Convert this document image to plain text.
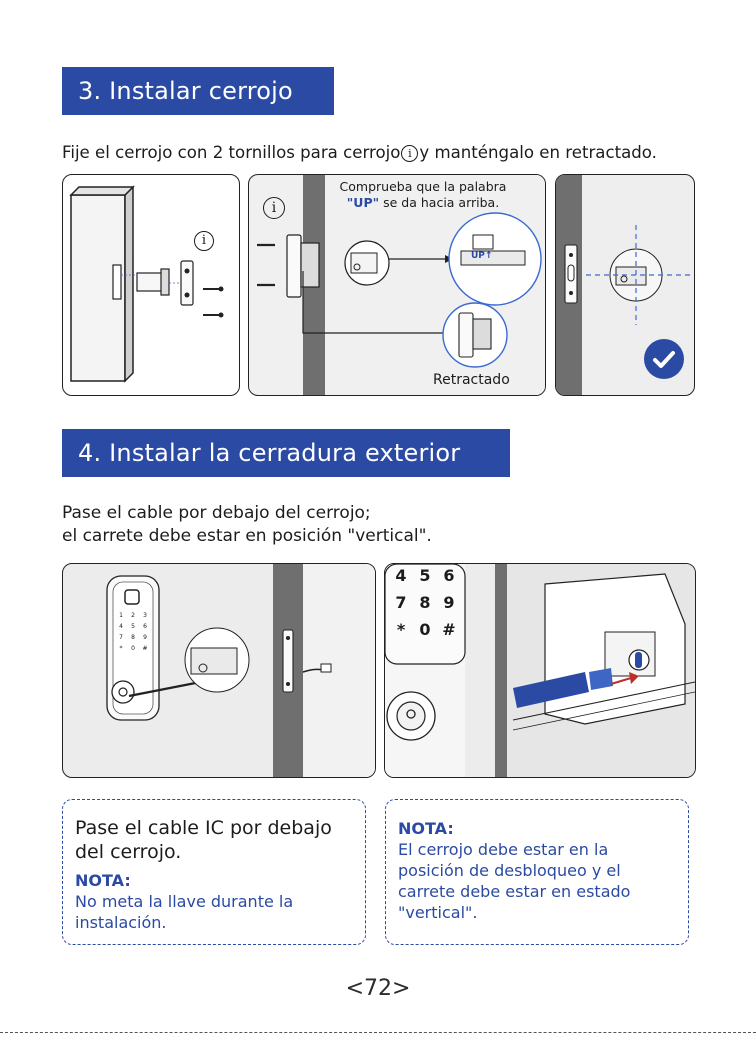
3. Instalar cerrojo
Fije el cerrojo con 2 tornillos para cerrojo i y manténgalo en retractado.
i
i
Comprueba que la palabra
"UP" se da hacia arriba.
UP↑
Retractado
4. Instalar la cerradura exterior
Pase el cable por debajo del cerrojo;
el carrete debe estar en posición "vertical".
1	2	3
4	5	6
7	8	9
*	0	#
4 5 6
7 8 9
* 0 #
Pase el cable IC por debajo
del cerrojo.
NOTA:
No meta la llave durante la
instalación.
NOTA:
El cerrojo debe estar en la
posición de desbloqueo y el
carrete debe estar en estado
"vertical".
<72>
